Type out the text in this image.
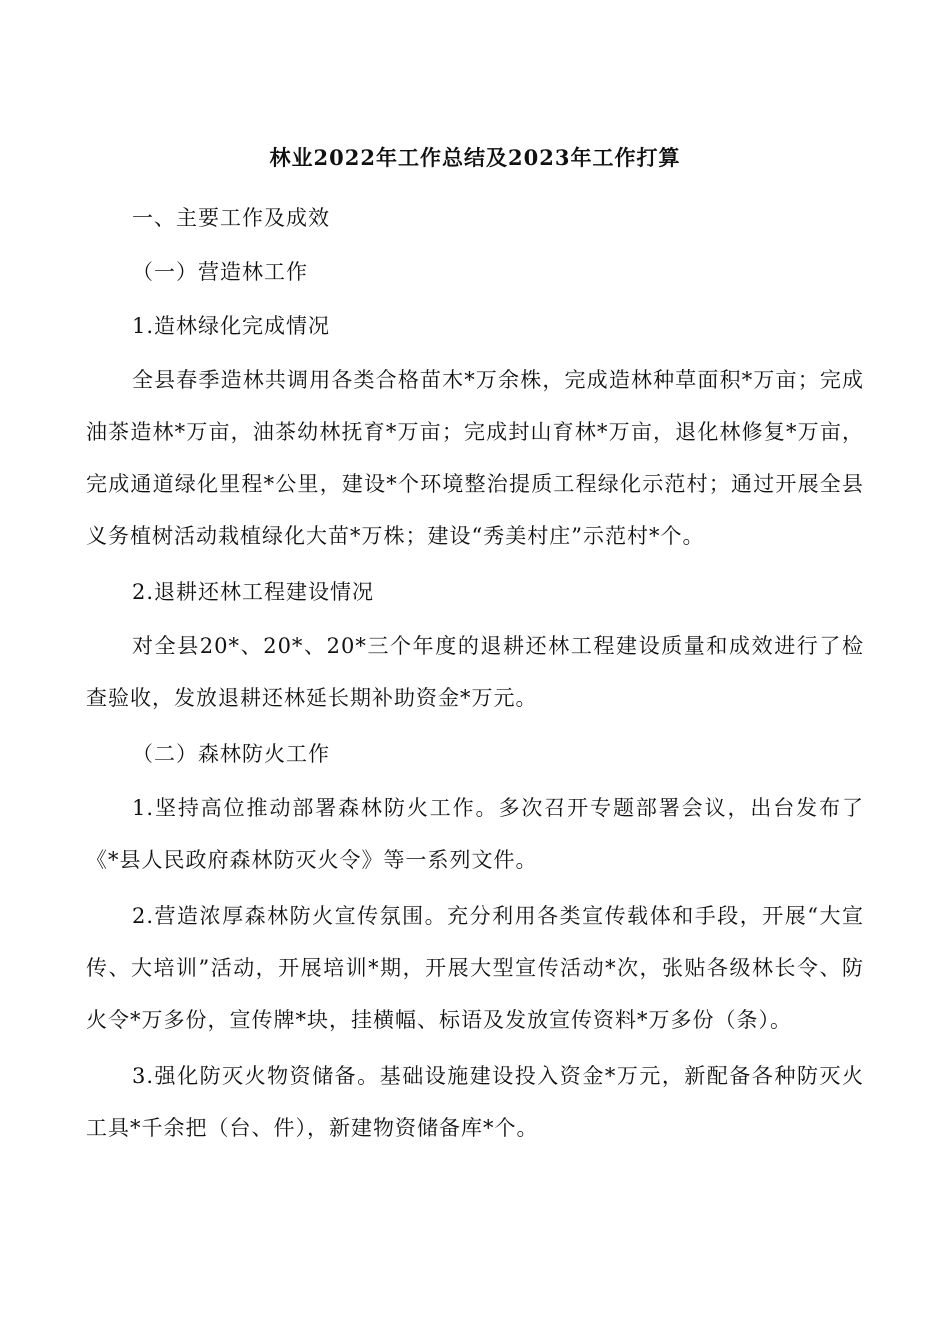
林业2022年工作总结及2023年工作打算

一、主要工作及成效

（一）营造林工作

1.造林绿化完成情况

全县春季造林共调用各类合格苗木*万余株，完成造林种草面积*万亩；完成油茶造林*万亩，油茶幼林抚育*万亩；完成封山育林*万亩，退化林修复*万亩，完成通道绿化里程*公里，建设*个环境整治提质工程绿化示范村；通过开展全县义务植树活动栽植绿化大苗*万株；建设“秀美村庄”示范村*个。

2.退耕还林工程建设情况

对全县20*、20*、20*三个年度的退耕还林工程建设质量和成效进行了检查验收，发放退耕还林延长期补助资金*万元。

（二）森林防火工作

1.坚持高位推动部署森林防火工作。多次召开专题部署会议，出台发布了《*县人民政府森林防灭火令》等一系列文件。

2.营造浓厚森林防火宣传氛围。充分利用各类宣传载体和手段，开展“大宣传、大培训”活动，开展培训*期，开展大型宣传活动*次，张贴各级林长令、防火令*万多份，宣传牌*块，挂横幅、标语及发放宣传资料*万多份（条）。

3.强化防灭火物资储备。基础设施建设投入资金*万元，新配备各种防灭火工具*千余把（台、件），新建物资储备库*个。
